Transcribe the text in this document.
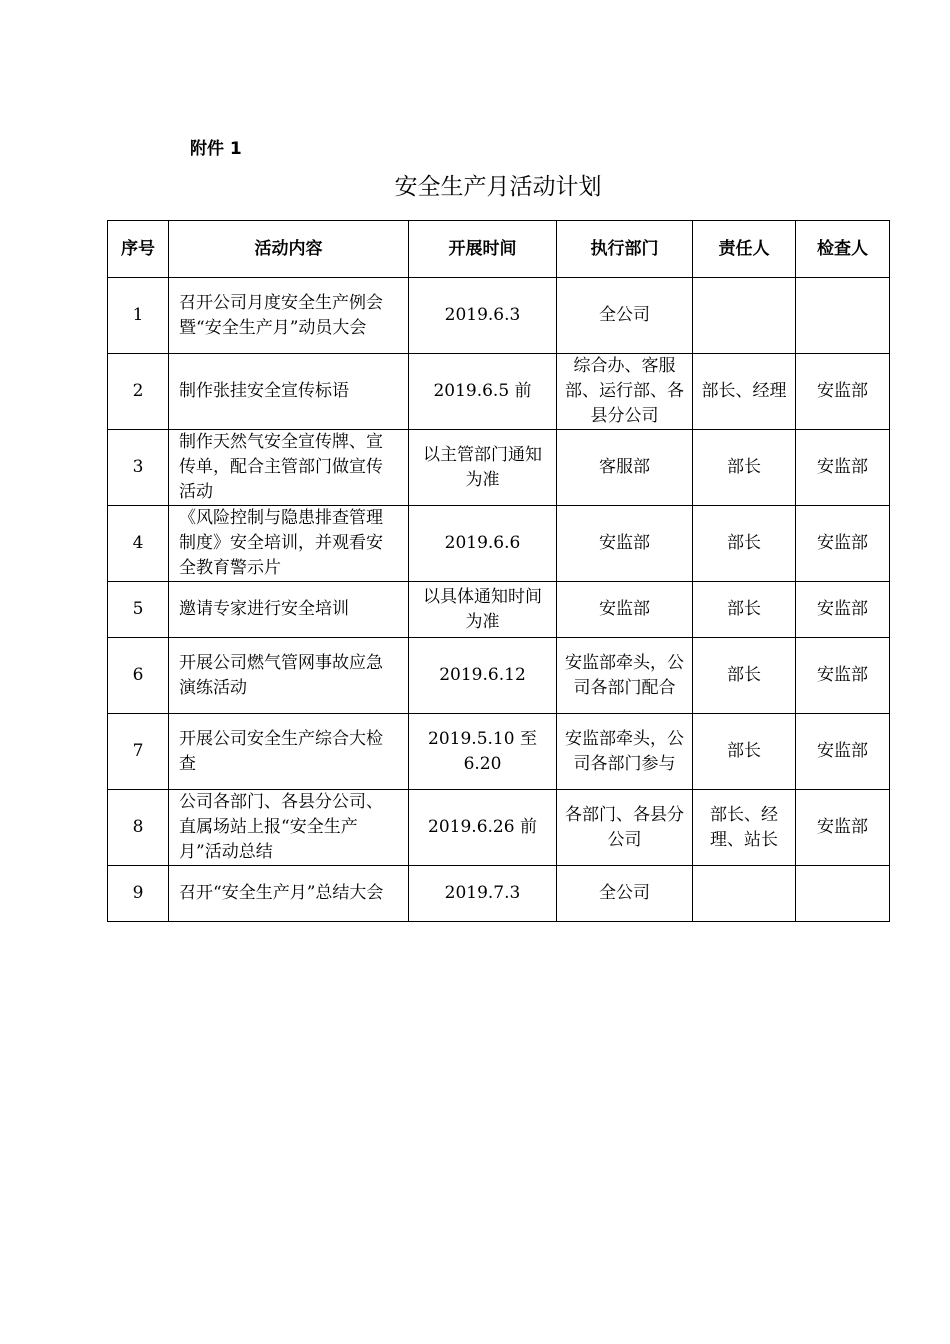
附件 1
安全生产月活动计划
序号	活动内容	开展时间	执行部门	责任人	检查人
1	召开公司月度安全生产例会暨“安全生产月”动员大会	2019.6.3	全公司		
2	制作张挂安全宣传标语	2019.6.5 前	综合办、客服部、运行部、各县分公司	部长、经理	安监部
3	制作天然气安全宣传牌、宣传单，配合主管部门做宣传活动	以主管部门通知为准	客服部	部长	安监部
4	《风险控制与隐患排查管理制度》安全培训，并观看安全教育警示片	2019.6.6	安监部	部长	安监部
5	邀请专家进行安全培训	以具体通知时间为准	安监部	部长	安监部
6	开展公司燃气管网事故应急演练活动	2019.6.12	安监部牵头，公司各部门配合	部长	安监部
7	开展公司安全生产综合大检查	2019.5.10 至 6.20	安监部牵头，公司各部门参与	部长	安监部
8	公司各部门、各县分公司、直属场站上报“安全生产月”活动总结	2019.6.26 前	各部门、各县分公司	部长、经理、站长	安监部
9	召开“安全生产月”总结大会	2019.7.3	全公司		
